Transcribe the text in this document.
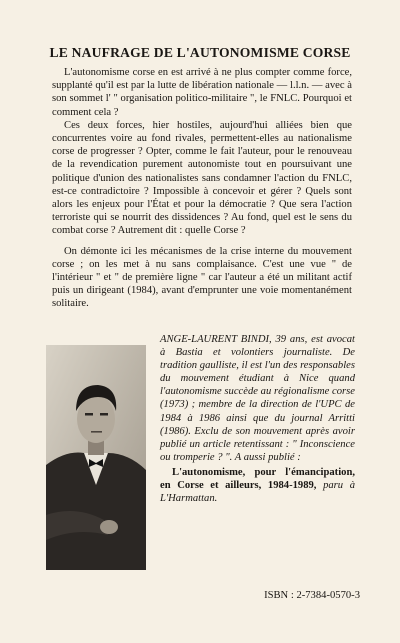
LE NAUFRAGE DE L'AUTONOMISME CORSE

L'autonomisme corse en est arrivé à ne plus compter comme force, supplanté qu'il est par la lutte de libération nationale — l.l.n. — avec à son sommet l' " organisation politico-militaire ", le FNLC. Pourquoi et comment cela ?

Ces deux forces, hier hostiles, aujourd'hui alliées bien que concurrentes voire au fond rivales, permettent-elles au nationalisme corse de progresser ? Opter, comme le fait l'auteur, pour le renouveau de la revendication purement autonomiste tout en poursuivant une politique d'union des nationalistes sans condamner l'action du FNLC, est-ce contradictoire ? Impossible à concevoir et gérer ? Quels sont alors les enjeux pour l'État et pour la démocratie ? Que sera l'action terroriste qui se nourrit des dissidences ? Au fond, quel est le sens du combat corse ? Autrement dit : quelle Corse ?

On démonte ici les mécanismes de la crise interne du mouvement corse ; on les met à nu sans complaisance. C'est une vue " de l'intérieur " et " de première ligne " car l'auteur a été un militant actif puis un dirigeant (1984), avant d'emprunter une voie momentanément solitaire.

ANGE-LAURENT BINDI, 39 ans, est avocat à Bastia et volontiers journaliste. De tradition gaulliste, il est l'un des responsables du mouvement étudiant à Nice quand l'autonomisme succède au régionalisme corse (1973) ; membre de la direction de l'UPC de 1984 à 1986 ainsi que du journal Arritti (1986). Exclu de son mouvement après avoir publié un article retentissant : " Inconscience ou tromperie ? ". A aussi publié :

L'autonomisme, pour l'émancipation, en Corse et ailleurs, 1984-1989, paru à L'Harmattan.

ISBN : 2-7384-0570-3
